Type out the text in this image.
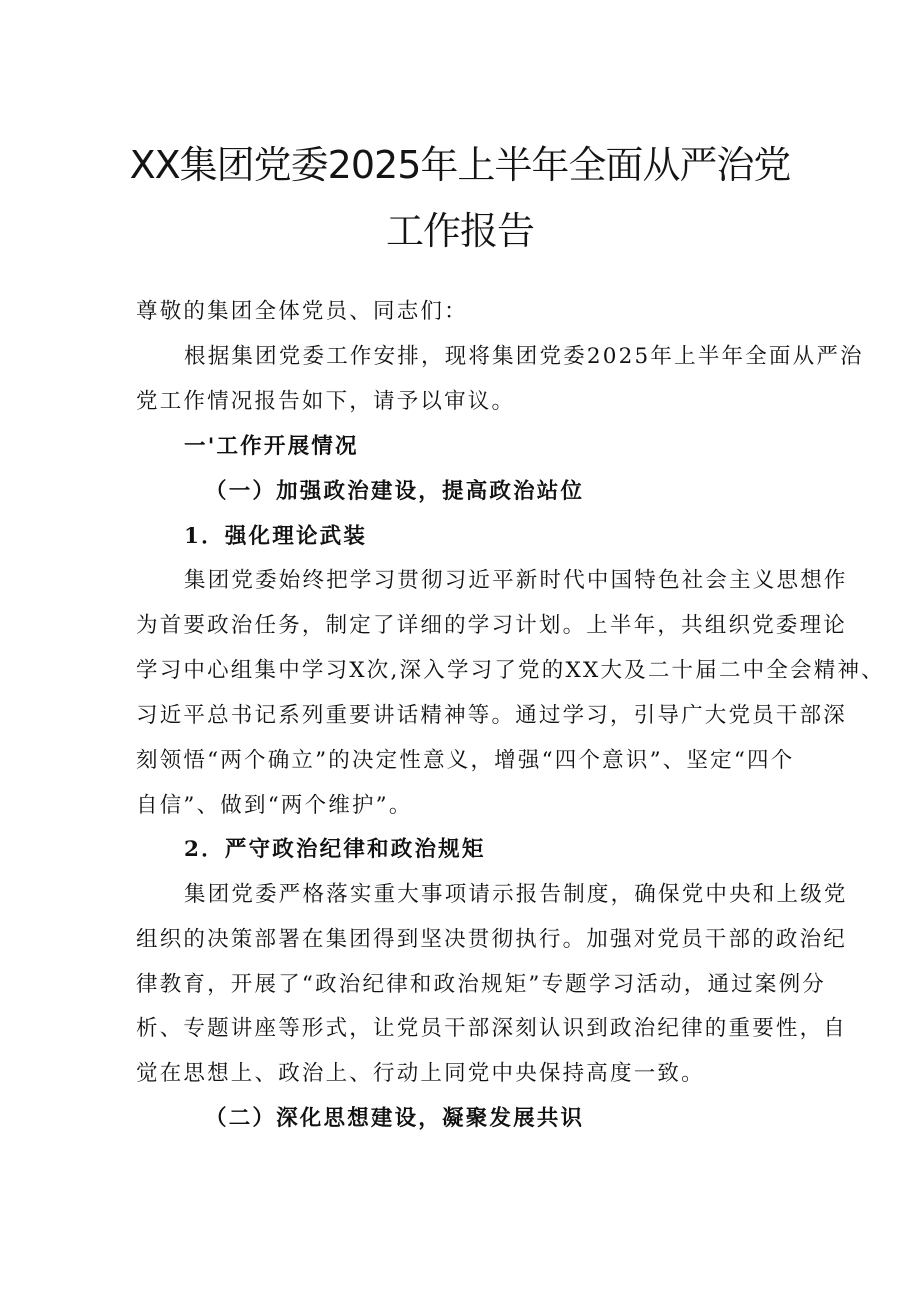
XX集团党委2025年上半年全面从严治党
工作报告
尊敬的集团全体党员、同志们：
根据集团党委工作安排，现将集团党委2025年上半年全面从严治
党工作情况报告如下，请予以审议。
一'工作开展情况
（一）加强政治建设，提高政治站位
1．强化理论武装
集团党委始终把学习贯彻习近平新时代中国特色社会主义思想作
为首要政治任务，制定了详细的学习计划。上半年，共组织党委理论
学习中心组集中学习X次,深入学习了党的XX大及二十届二中全会精神、
习近平总书记系列重要讲话精神等。通过学习，引导广大党员干部深
刻领悟“两个确立”的决定性意义，增强“四个意识”、坚定“四个
自信”、做到“两个维护”。
2．严守政治纪律和政治规矩
集团党委严格落实重大事项请示报告制度，确保党中央和上级党
组织的决策部署在集团得到坚决贯彻执行。加强对党员干部的政治纪
律教育，开展了“政治纪律和政治规矩”专题学习活动，通过案例分
析、专题讲座等形式，让党员干部深刻认识到政治纪律的重要性，自
觉在思想上、政治上、行动上同党中央保持高度一致。
（二）深化思想建设，凝聚发展共识
